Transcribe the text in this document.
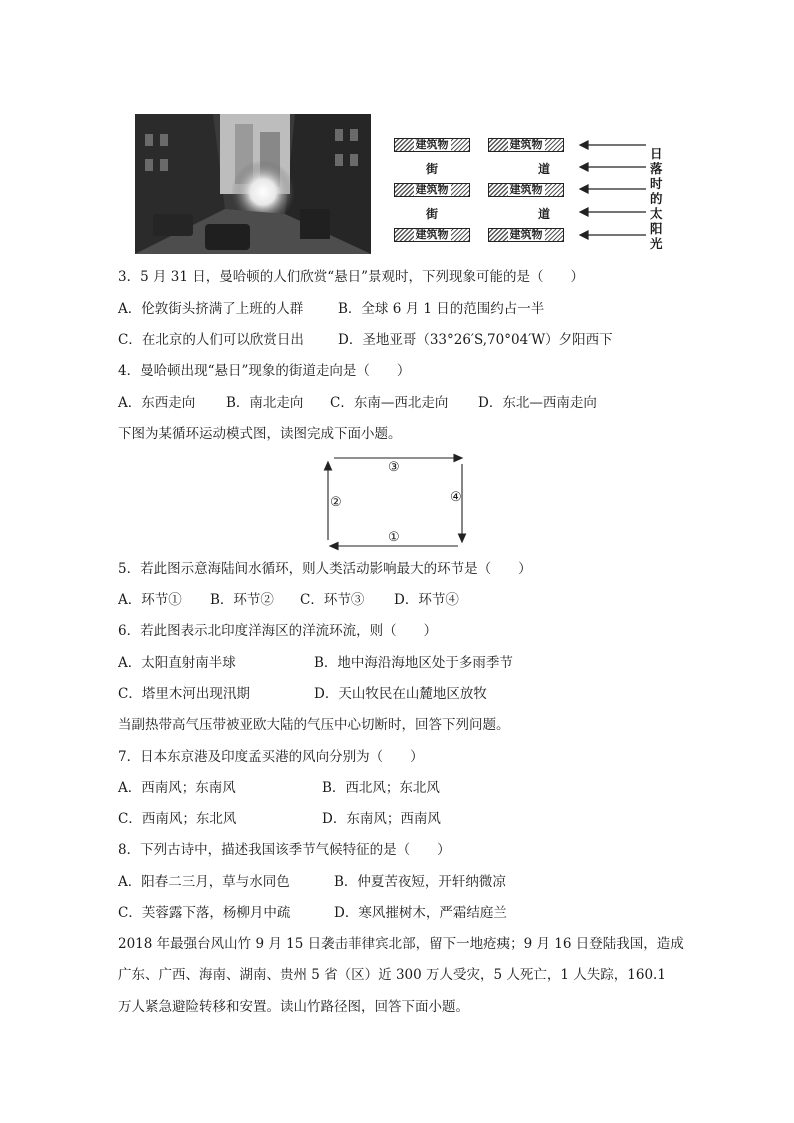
建筑物	建筑物
建筑物	建筑物
建筑物	建筑物
街	道
街	道
日落时的太阳光
3．5 月 31 日，曼哈顿的人们欣赏“悬日”景观时，下列现象可能的是（　　）
A．伦敦街头挤满了上班的人群	B．全球 6 月 1 日的范围约占一半
C．在北京的人们可以欣赏日出	D．圣地亚哥（33°26′S,70°04′W）夕阳西下
4．曼哈顿出现“悬日”现象的街道走向是（　　）
A．东西走向 B．南北走向 C．东南—西北走向 D．东北—西南走向
下图为某循环运动模式图，读图完成下面小题。
③
②	④
①
5．若此图示意海陆间水循环，则人类活动影响最大的环节是（　　）
A．环节① B．环节② C．环节③ D．环节④
6．若此图表示北印度洋海区的洋流环流，则（　　）
A．太阳直射南半球	B．地中海沿海地区处于多雨季节
C．塔里木河出现汛期	D．天山牧民在山麓地区放牧
当副热带高气压带被亚欧大陆的气压中心切断时，回答下列问题。
7．日本东京港及印度孟买港的风向分别为（　　）
A．西南风；东南风	B．西北风；东北风
C．西南风；东北风	D．东南风；西南风
8．下列古诗中，描述我国该季节气候特征的是（　　）
A．阳春二三月，草与水同色	B．仲夏苦夜短，开轩纳微凉
C．芙蓉露下落，杨柳月中疏	D．寒风摧树木，严霜结庭兰
2018 年最强台风山竹 9 月 15 日袭击菲律宾北部，留下一地疮痍；9 月 16 日登陆我国，造成
广东、广西、海南、湖南、贵州 5 省（区）近 300 万人受灾，5 人死亡，1 人失踪，160.1
万人紧急避险转移和安置。读山竹路径图，回答下面小题。
